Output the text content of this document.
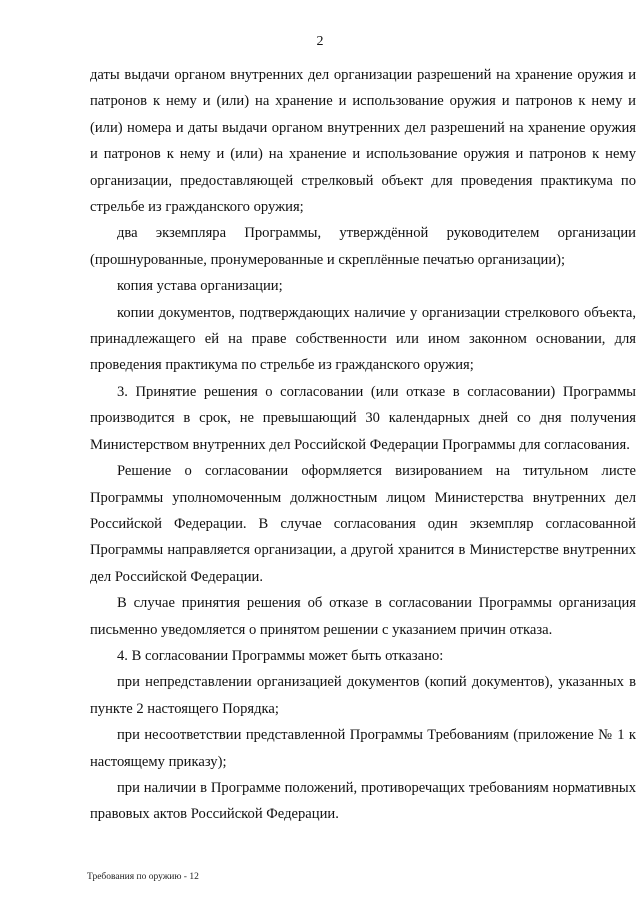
2

даты выдачи органом внутренних дел организации разрешений на хранение оружия и патронов к нему и (или) на хранение и использование оружия и патронов к нему и (или) номера и даты выдачи органом внутренних дел разрешений на хранение оружия и патронов к нему и (или) на хранение и использование оружия и патронов к нему организации, предоставляющей стрелковый объект для проведения практикума по стрельбе из гражданского оружия;

два экземпляра Программы, утверждённой руководителем организации (прошнурованные, пронумерованные и скреплённые печатью организации);

копия устава организации;

копии документов, подтверждающих наличие у организации стрелкового объекта, принадлежащего ей на праве собственности или ином законном основании, для проведения практикума по стрельбе из гражданского оружия;

3. Принятие решения о согласовании (или отказе в согласовании) Программы производится в срок, не превышающий 30 календарных дней со дня получения Министерством внутренних дел Российской Федерации Программы для согласования.

Решение о согласовании оформляется визированием на титульном листе Программы уполномоченным должностным лицом Министерства внутренних дел Российской Федерации. В случае согласования один экземпляр согласованной Программы направляется организации, а другой хранится в Министерстве внутренних дел Российской Федерации.

В случае принятия решения об отказе в согласовании Программы организация письменно уведомляется о принятом решении с указанием причин отказа.

4. В согласовании Программы может быть отказано:

при непредставлении организацией документов (копий документов), указанных в пункте 2 настоящего Порядка;

при несоответствии представленной Программы Требованиям (приложение № 1 к настоящему приказу);

при наличии в Программе положений, противоречащих требованиям нормативных правовых актов Российской Федерации.

Требования по оружию - 12
